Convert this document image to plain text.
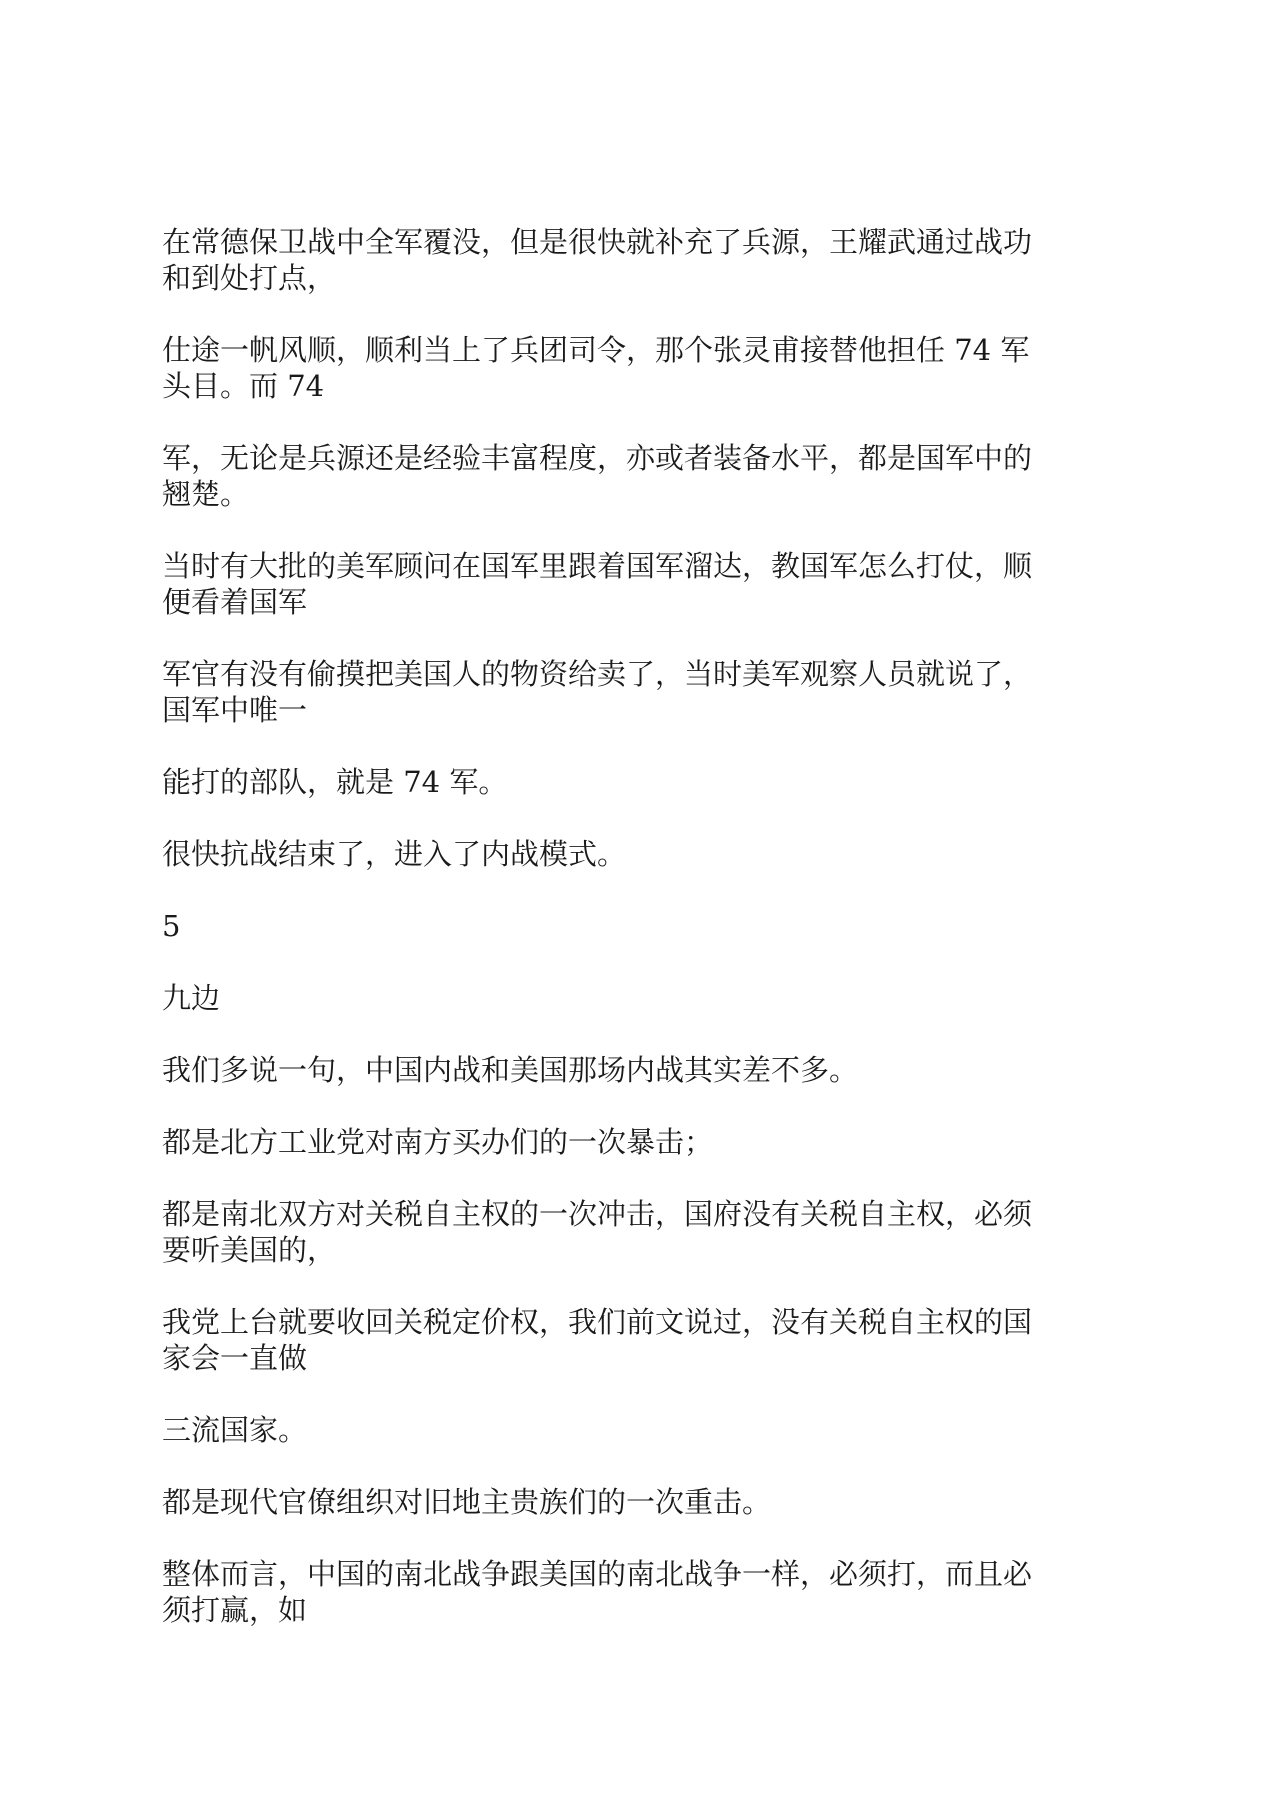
在常德保卫战中全军覆没，但是很快就补充了兵源，王耀武通过战功
和到处打点，

仕途一帆风顺，顺利当上了兵团司令，那个张灵甫接替他担任 74 军
头目。而 74

军，无论是兵源还是经验丰富程度，亦或者装备水平，都是国军中的
翘楚。

当时有大批的美军顾问在国军里跟着国军溜达，教国军怎么打仗，顺
便看着国军

军官有没有偷摸把美国人的物资给卖了，当时美军观察人员就说了，
国军中唯一

能打的部队，就是 74 军。

很快抗战结束了，进入了内战模式。

5

九边

我们多说一句，中国内战和美国那场内战其实差不多。

都是北方工业党对南方买办们的一次暴击；

都是南北双方对关税自主权的一次冲击，国府没有关税自主权，必须
要听美国的，

我党上台就要收回关税定价权，我们前文说过，没有关税自主权的国
家会一直做

三流国家。

都是现代官僚组织对旧地主贵族们的一次重击。

整体而言，中国的南北战争跟美国的南北战争一样，必须打，而且必
须打赢，如
